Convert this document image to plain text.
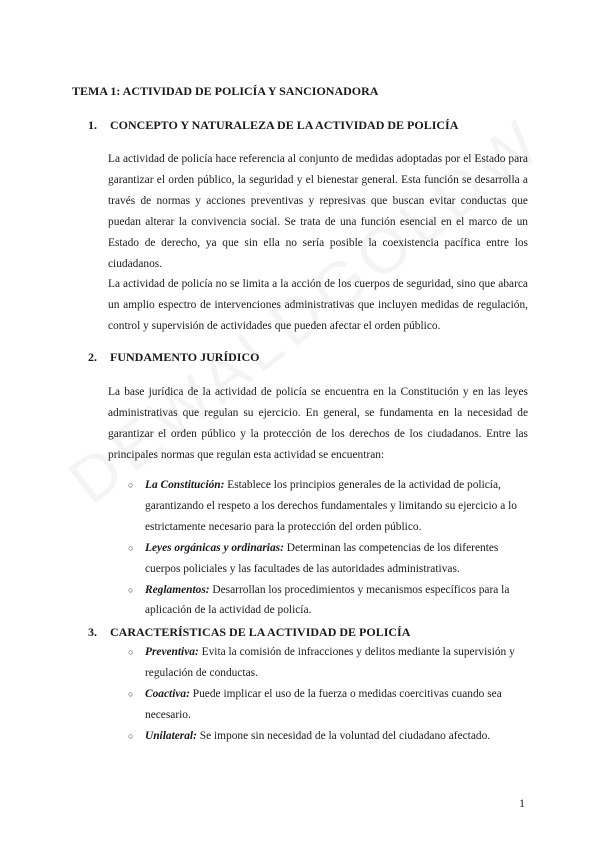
TEMA 1: ACTIVIDAD DE POLICÍA Y SANCIONADORA
1. CONCEPTO Y NATURALEZA DE LA ACTIVIDAD DE POLICÍA

La actividad de policía hace referencia al conjunto de medidas adoptadas por el Estado para garantizar el orden público, la seguridad y el bienestar general. Esta función se desarrolla a través de normas y acciones preventivas y represivas que buscan evitar conductas que puedan alterar la convivencia social. Se trata de una función esencial en el marco de un Estado de derecho, ya que sin ella no sería posible la coexistencia pacífica entre los ciudadanos.

La actividad de policía no se limita a la acción de los cuerpos de seguridad, sino que abarca un amplio espectro de intervenciones administrativas que incluyen medidas de regulación, control y supervisión de actividades que pueden afectar el orden público.

2. FUNDAMENTO JURÍDICO

La base jurídica de la actividad de policía se encuentra en la Constitución y en las leyes administrativas que regulan su ejercicio. En general, se fundamenta en la necesidad de garantizar el orden público y la protección de los derechos de los ciudadanos. Entre las principales normas que regulan esta actividad se encuentran:

○ La Constitución: Establece los principios generales de la actividad de policía, garantizando el respeto a los derechos fundamentales y limitando su ejercicio a lo estrictamente necesario para la protección del orden público.
○ Leyes orgánicas y ordinarias: Determinan las competencias de los diferentes cuerpos policiales y las facultades de las autoridades administrativas.
○ Reglamentos: Desarrollan los procedimientos y mecanismos específicos para la aplicación de la actividad de policía.
3. CARACTERÍSTICAS DE LA ACTIVIDAD DE POLICÍA
○ Preventiva: Evita la comisión de infracciones y delitos mediante la supervisión y regulación de conductas.
○ Coactiva: Puede implicar el uso de la fuerza o medidas coercitivas cuando sea necesario.
○ Unilateral: Se impone sin necesidad de la voluntad del ciudadano afectado.
1
